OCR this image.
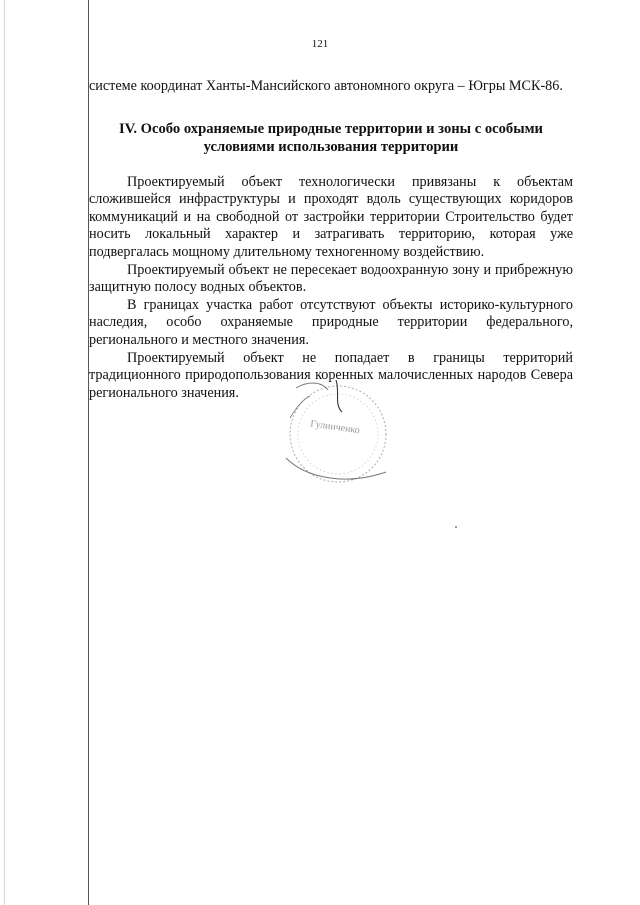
121

системе координат Ханты-Мансийского автономного округа – Югры МСК-86.

IV. Особо охраняемые природные территории и зоны с особыми условиями использования территории

Проектируемый объект технологически привязаны к объектам сложившейся инфраструктуры и проходят вдоль существующих коридоров коммуникаций и на свободной от застройки территории Строительство будет носить локальный характер и затрагивать территорию, которая уже подвергалась мощному длительному техногенному воздействию.

Проектируемый объект не пересекает водоохранную зону и прибрежную защитную полосу водных объектов.

В границах участка работ отсутствуют объекты историко-культурного наследия, особо охраняемые природные территории федерального, регионального и местного значения.

Проектируемый объект не попадает в границы территорий традиционного природопользования коренных малочисленных народов Севера регионального значения.

Гулинченко
